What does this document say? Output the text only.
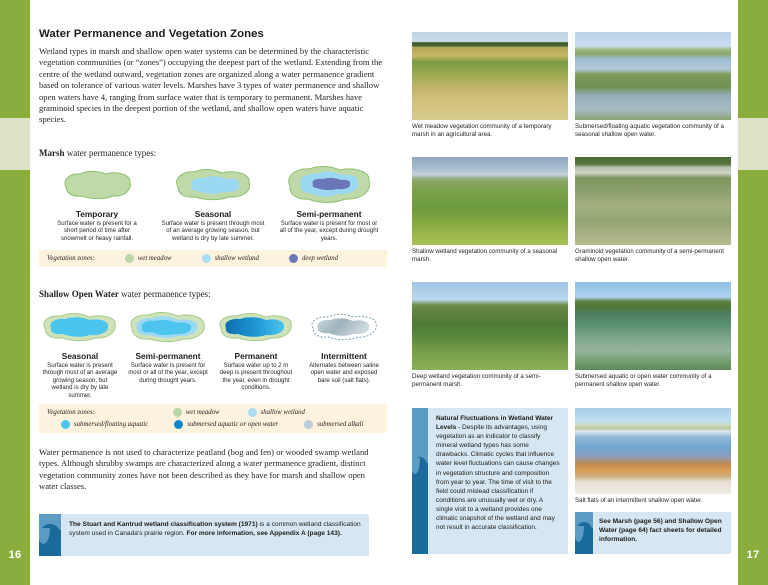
16	17
Water Permanence and Vegetation Zones
Wetland types in marsh and shallow open water systems can be determined by the characteristic vegetation communities (or “zones”) occupying the deepest part of the wetland. Extending from the centre of the wetland outward, vegetation zones are organized along a water permanence gradient based on tolerance of various water levels. Marshes have 3 types of water permanence and shallow open waters have 4, ranging from surface water that is temporary to permanent. Marshes have graminoid species in the deepest portion of the wetland, and shallow open waters have aquatic species.
Marsh water permanence types:
Temporary
Surface water is present for a short period of time after snowmelt or heavy rainfall.
Seasonal
Surface water is present through most of an average growing season, but wetland is dry by late summer.
Semi-permanent
Surface water is present for most or all of the year, except during drought years.
Vegetation zones:	wet meadow	shallow wetland	deep wetland
Shallow Open Water water permanence types:
Seasonal
Surface water is present through most of an average growing season, but wetland is dry by late summer.
Semi-permanent
Surface water is present for most or all of the year, except during drought years.
Permanent
Surface water up to 2 m deep is present throughout the year, even in drought conditions.
Intermittent
Alternates between saline open water and exposed bare soil (salt flats).
Vegetation zones:	wet meadow	shallow wetland
submersed/floating aquatic	submersed aquatic or open water	submersed alkali
Water permanence is not used to characterize peatland (bog and fen) or wooded swamp wetland types. Although shrubby swamps are characterized along a water permanence gradient, distinct vegetation community zones have not been described as they have for marsh and shallow open water classes.
The Stuart and Kantrud wetland classification system (1971) is a common wetland classification system used in Canada's prairie region. For more information, see Appendix A (page 143).
Wet meadow vegetation community of a temporary marsh in an agricultural area.
Submersed/floating aquatic vegetation community of a seasonal shallow open water.
Shallow wetland vegetation community of a seasonal marsh.
Graminoid vegetation community of a semi-permanent shallow open water.
Deep wetland vegetation community of a semi-permanent marsh.
Submersed aquatic or open water community of a permanent shallow open water.
Natural Fluctuations in Wetland Water Levels - Despite its advantages, using vegetation as an indicator to classify mineral wetland types has some drawbacks. Climatic cycles that influence water level fluctuations can cause changes in vegetation structure and composition from year to year. The time of visit to the field could mislead classification if conditions are unusually wet or dry. A single visit to a wetland provides one climatic snapshot of the wetland and may not result in accurate classification.
Salt flats of an intermittent shallow open water.
See Marsh (page 56) and Shallow Open Water (page 64) fact sheets for detailed information.
